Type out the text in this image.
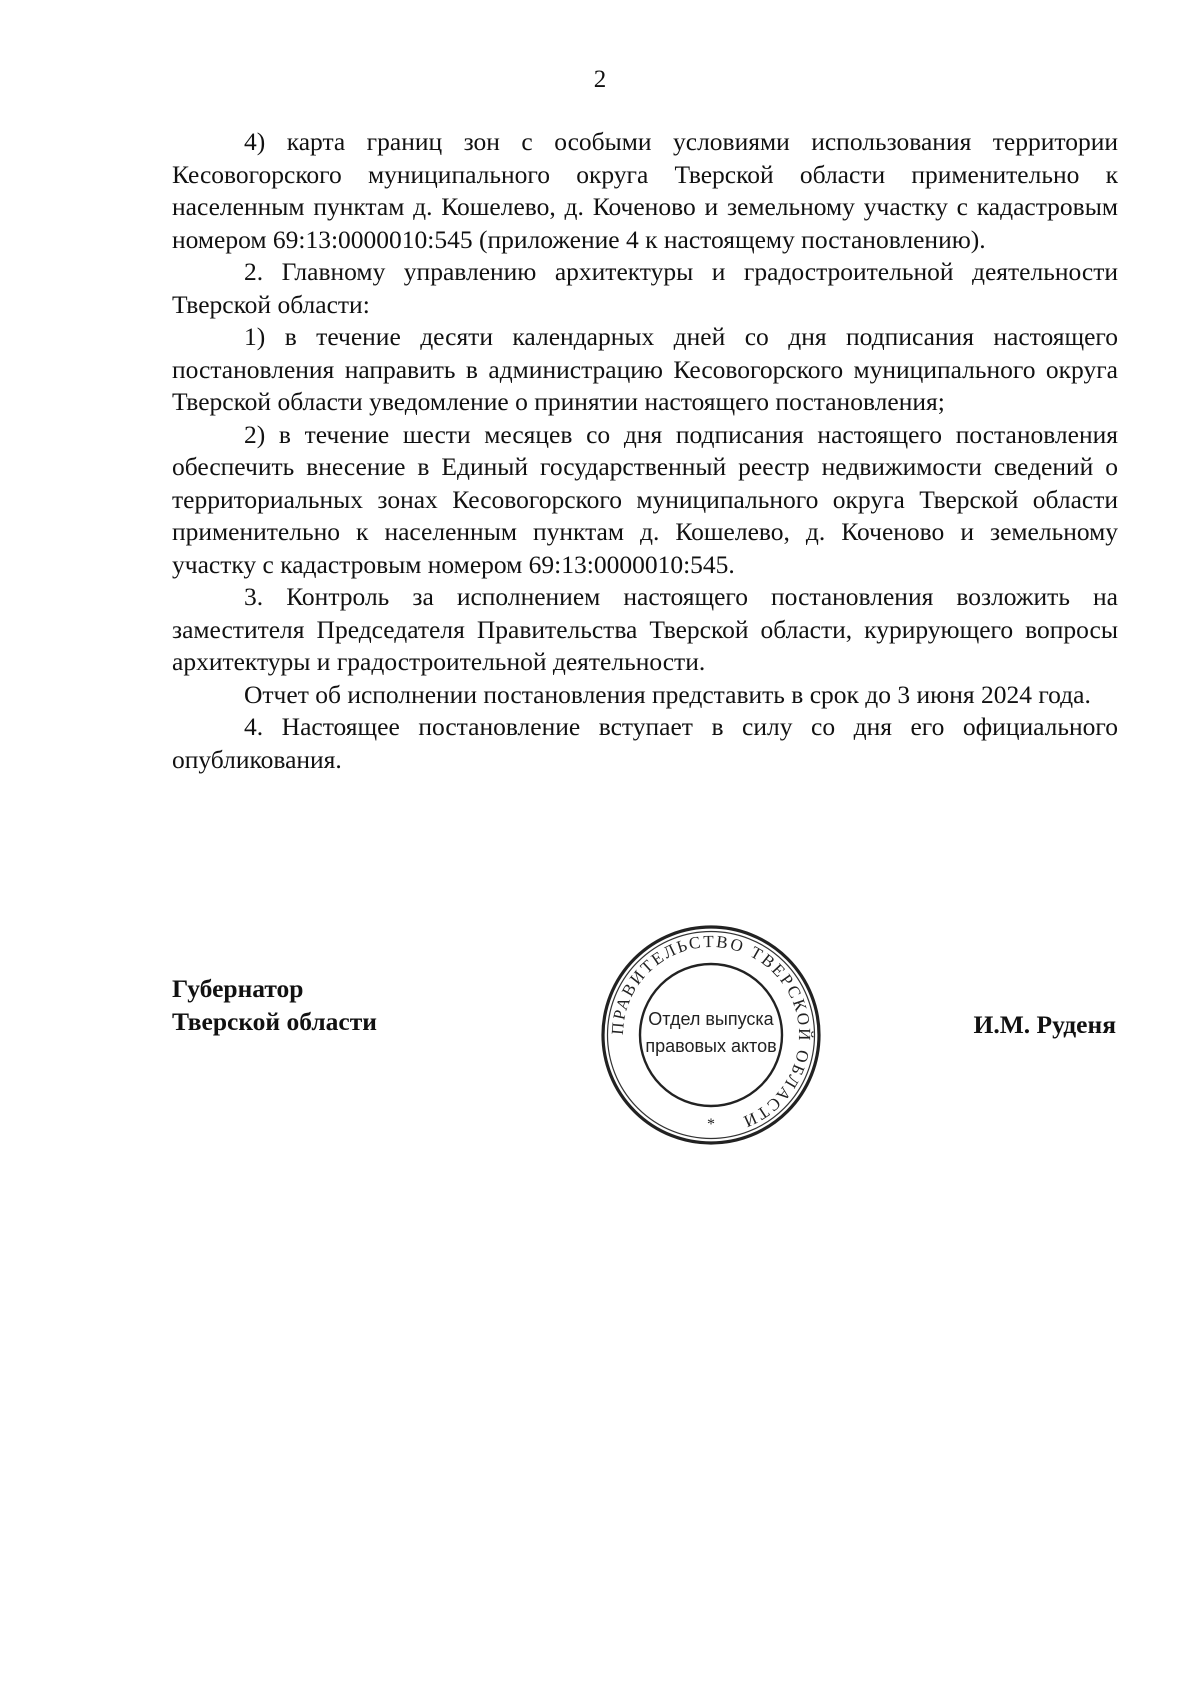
2

4) карта границ зон с особыми условиями использования территории Кесовогорского муниципального округа Тверской области применительно к населенным пунктам д. Кошелево, д. Коченово и земельному участку с кадастровым номером 69:13:0000010:545 (приложение 4 к настоящему постановлению).

2. Главному управлению архитектуры и градостроительной деятельности Тверской области:

1) в течение десяти календарных дней со дня подписания настоящего постановления направить в администрацию Кесовогорского муниципального округа Тверской области уведомление о принятии настоящего постановления;

2) в течение шести месяцев со дня подписания настоящего постановления обеспечить внесение в Единый государственный реестр недвижимости сведений о территориальных зонах Кесовогорского муниципального округа Тверской области применительно к населенным пунктам д. Кошелево, д. Коченово и земельному участку с кадастровым номером 69:13:0000010:545.

3. Контроль за исполнением настоящего постановления возложить на заместителя Председателя Правительства Тверской области, курирующего вопросы архитектуры и градостроительной деятельности.

Отчет об исполнении постановления представить в срок до 3 июня 2024 года.

4. Настоящее постановление вступает в силу со дня его официального опубликования.

Губернатор
Тверской области	И.М. Руденя
ПРАВИТЕЛЬСТВО ТВЕРСКОЙ ОБЛАСТИ
Отдел выпуска
правовых актов
*
